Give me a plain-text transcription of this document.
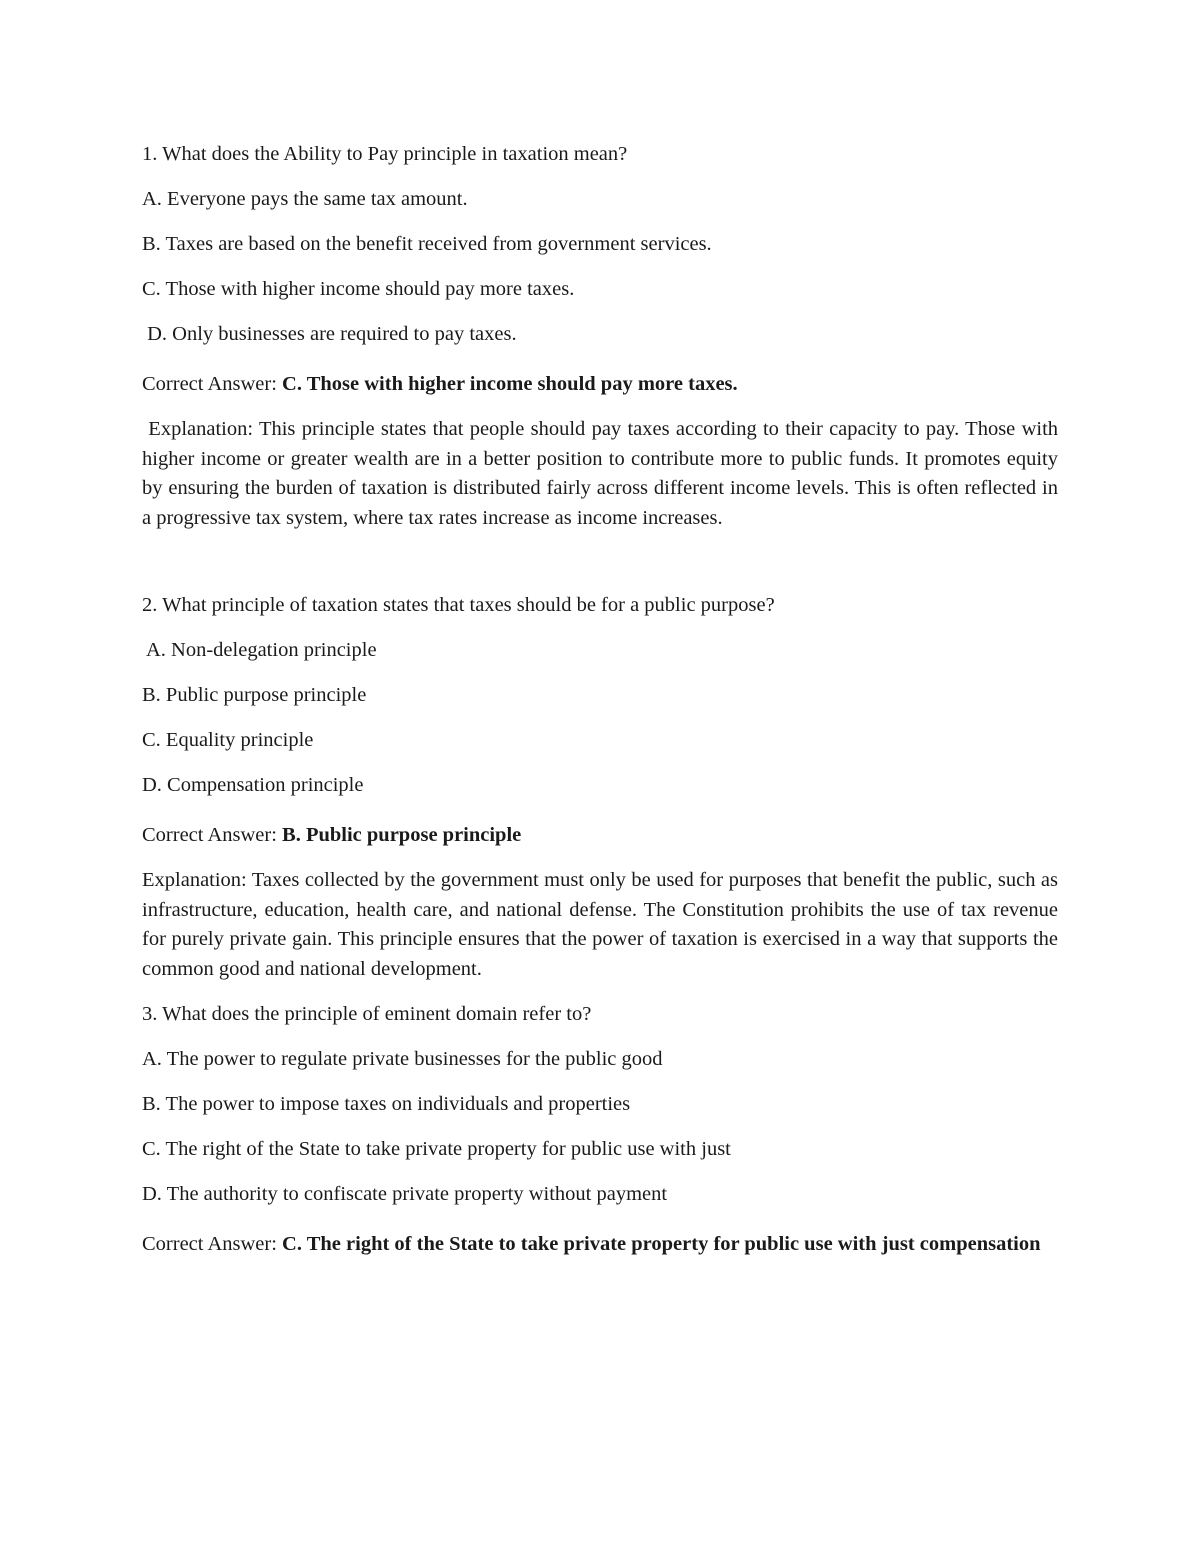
1. What does the Ability to Pay principle in taxation mean?

A. Everyone pays the same tax amount.

B. Taxes are based on the benefit received from government services.

C. Those with higher income should pay more taxes.

D. Only businesses are required to pay taxes.

Correct Answer: C. Those with higher income should pay more taxes.

Explanation: This principle states that people should pay taxes according to their capacity to pay. Those with higher income or greater wealth are in a better position to contribute more to public funds. It promotes equity by ensuring the burden of taxation is distributed fairly across different income levels. This is often reflected in a progressive tax system, where tax rates increase as income increases.

2. What principle of taxation states that taxes should be for a public purpose?

A. Non-delegation principle

B. Public purpose principle

C. Equality principle

D. Compensation principle

Correct Answer: B. Public purpose principle

Explanation: Taxes collected by the government must only be used for purposes that benefit the public, such as infrastructure, education, health care, and national defense. The Constitution prohibits the use of tax revenue for purely private gain. This principle ensures that the power of taxation is exercised in a way that supports the common good and national development.

3. What does the principle of eminent domain refer to?

A. The power to regulate private businesses for the public good

B. The power to impose taxes on individuals and properties

C. The right of the State to take private property for public use with just

D. The authority to confiscate private property without payment

Correct Answer: C. The right of the State to take private property for public use with just compensation
